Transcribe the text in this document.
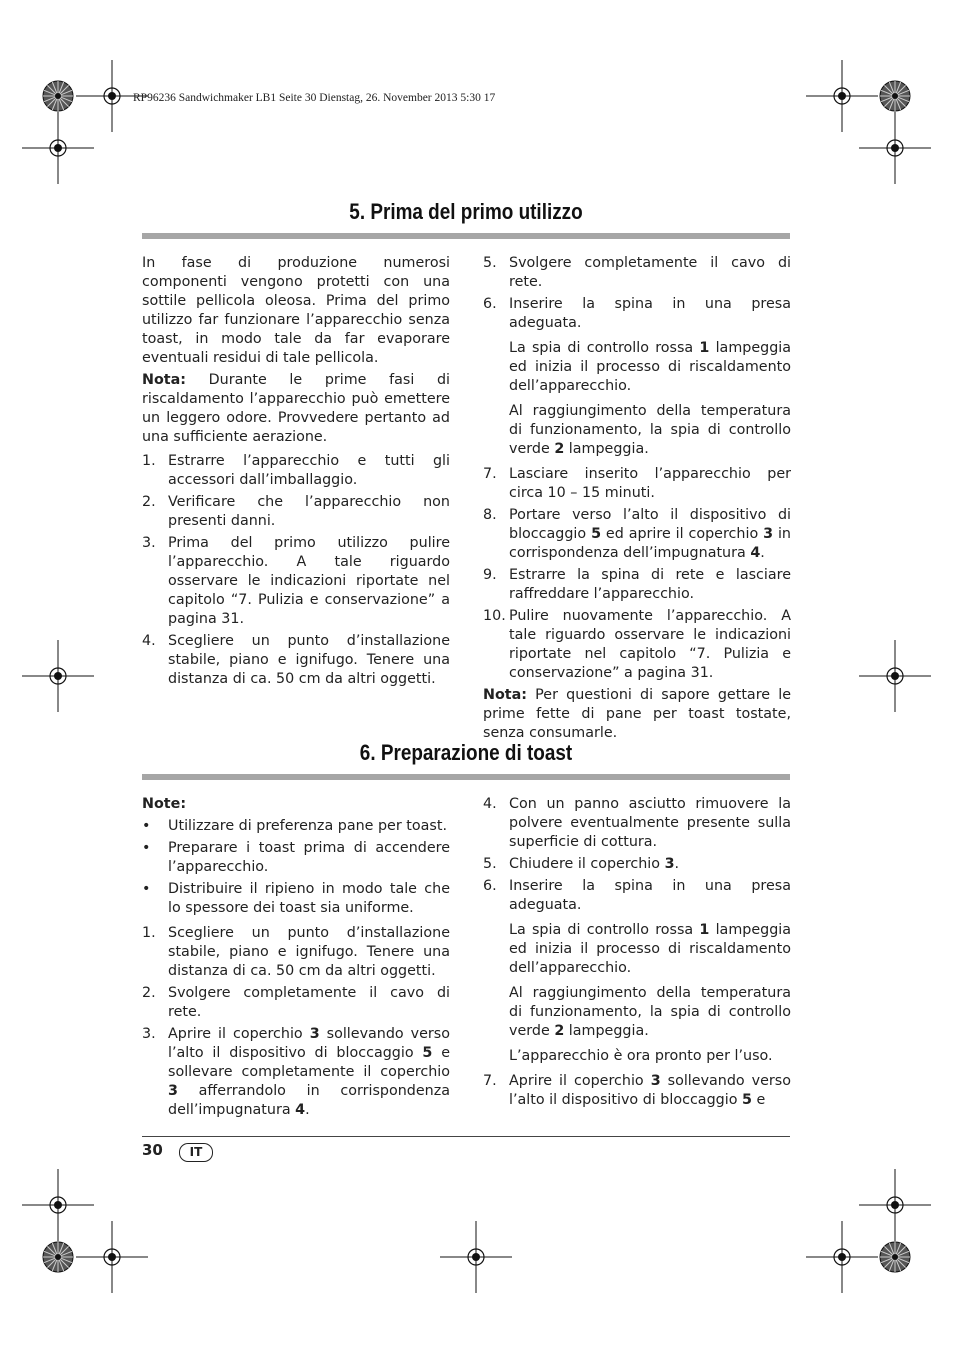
RP96236 Sandwichmaker LB1 Seite 30 Dienstag, 26. November 2013 5:30 17
5. Prima del primo utilizzo

In fase di produzione numerosi componenti vengono protetti con una sottile pellicola oleosa. Prima del primo utilizzo far funzionare l’apparecchio senza toast, in modo tale da far evaporare eventuali residui di tale pellicola.

Nota: Durante le prime fasi di riscaldamento l’apparecchio può emettere un leggero odore. Provvedere pertanto ad una sufficiente aerazione.

1. Estrarre l’apparecchio e tutti gli accessori dall’imballaggio.
2. Verificare che l’apparecchio non presenti danni.
3. Prima del primo utilizzo pulire l’apparecchio. A tale riguardo osservare le indicazioni riportate nel capitolo “7. Pulizia e conservazione” a pagina 31.
4. Scegliere un punto d’installazione stabile, piano e ignifugo. Tenere una distanza di ca. 50 cm da altri oggetti.
5. Svolgere completamente il cavo di rete.
6. Inserire la spina in una presa adeguata.
La spia di controllo rossa 1 lampeggia ed inizia il processo di riscaldamento dell’apparecchio.
Al raggiungimento della temperatura di funzionamento, la spia di controllo verde 2 lampeggia.
7. Lasciare inserito l’apparecchio per circa 10 – 15 minuti.
8. Portare verso l’alto il dispositivo di bloccaggio 5 ed aprire il coperchio 3 in corrispondenza dell’impugnatura 4.
9. Estrarre la spina di rete e lasciare raffreddare l’apparecchio.
10. Pulire nuovamente l’apparecchio. A tale riguardo osservare le indicazioni riportate nel capitolo “7. Pulizia e conservazione” a pagina 31.

Nota: Per questioni di sapore gettare le prime fette di pane per toast tostate, senza consumarle.

6. Preparazione di toast

Note:

• Utilizzare di preferenza pane per toast.
• Preparare i toast prima di accendere l’apparecchio.
• Distribuire il ripieno in modo tale che lo spessore dei toast sia uniforme.
1. Scegliere un punto d’installazione stabile, piano e ignifugo. Tenere una distanza di ca. 50 cm da altri oggetti.
2. Svolgere completamente il cavo di rete.
3. Aprire il coperchio 3 sollevando verso l’alto il dispositivo di bloccaggio 5 e sollevare completamente il coperchio 3 afferrandolo in corrispondenza dell’impugnatura 4.
4. Con un panno asciutto rimuovere la polvere eventualmente presente sulla superficie di cottura.
5. Chiudere il coperchio 3.
6. Inserire la spina in una presa adeguata.
La spia di controllo rossa 1 lampeggia ed inizia il processo di riscaldamento dell’apparecchio.
Al raggiungimento della temperatura di funzionamento, la spia di controllo verde 2 lampeggia.
L’apparecchio è ora pronto per l’uso.
7. Aprire il coperchio 3 sollevando verso l’alto il dispositivo di bloccaggio 5 e
30	IT
